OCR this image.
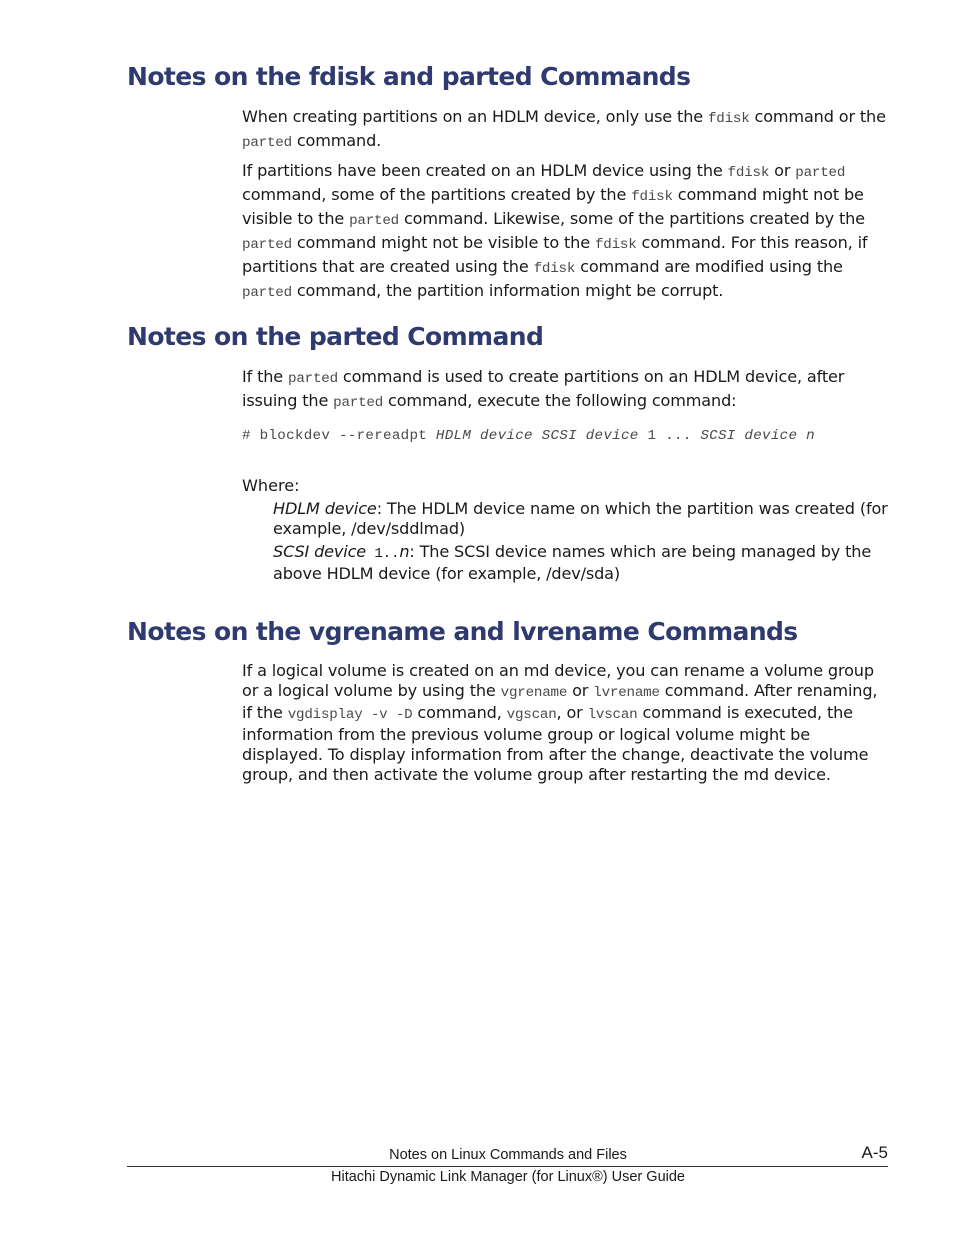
Notes on the fdisk and parted Commands

When creating partitions on an HDLM device, only use the fdisk command or the parted command.

If partitions have been created on an HDLM device using the fdisk or parted command, some of the partitions created by the fdisk command might not be visible to the parted command. Likewise, some of the partitions created by the parted command might not be visible to the fdisk command. For this reason, if partitions that are created using the fdisk command are modified using the parted command, the partition information might be corrupt.

Notes on the parted Command

If the parted command is used to create partitions on an HDLM device, after issuing the parted command, execute the following command:

# blockdev --rereadpt HDLM device SCSI device 1 ... SCSI device n

Where:

HDLM device: The HDLM device name on which the partition was created (for example, /dev/sddlmad)

SCSI device 1..n: The SCSI device names which are being managed by the above HDLM device (for example, /dev/sda)

Notes on the vgrename and lvrename Commands

If a logical volume is created on an md device, you can rename a volume group or a logical volume by using the vgrename or lvrename command. After renaming, if the vgdisplay -v -D command, vgscan, or lvscan command is executed, the information from the previous volume group or logical volume might be displayed. To display information from after the change, deactivate the volume group, and then activate the volume group after restarting the md device.

Notes on Linux Commands and Files	A-5

Hitachi Dynamic Link Manager (for Linux®) User Guide
